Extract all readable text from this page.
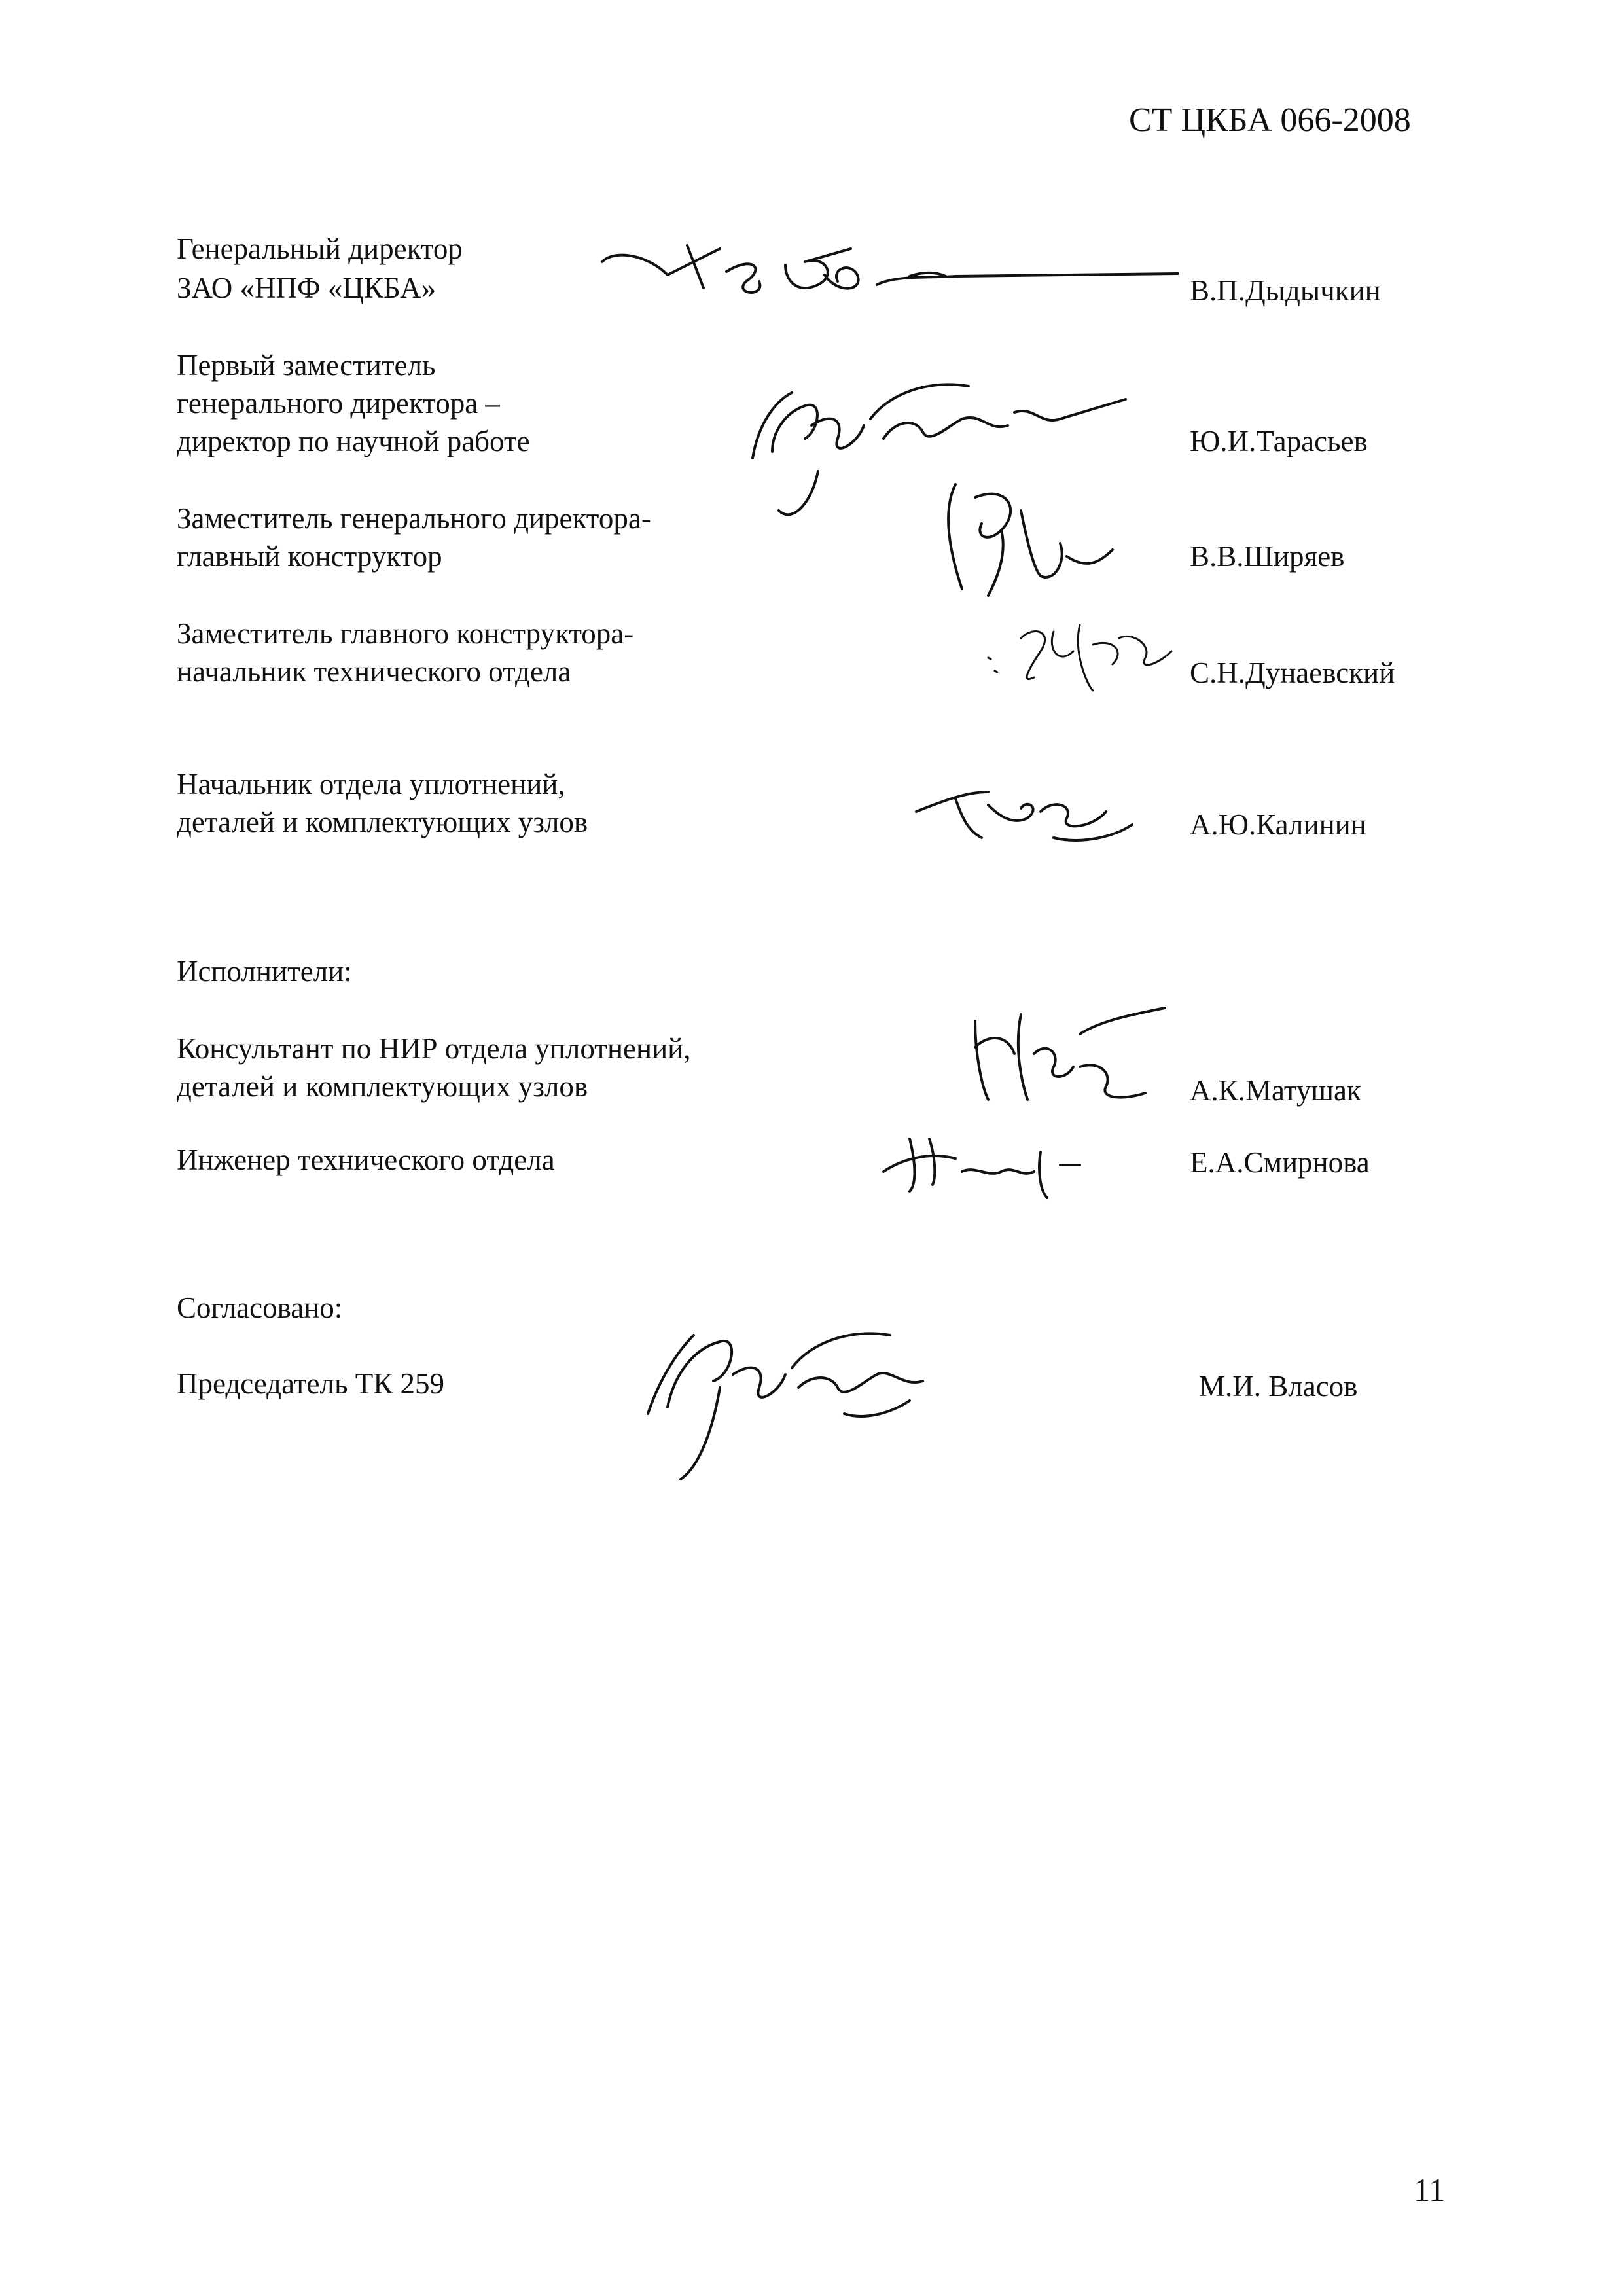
СТ ЦКБА 066-2008
Генеральный директор
ЗАО «НПФ «ЦКБА»	В.П.Дыдычкин
Первый заместитель
генерального директора –
директор по научной работе	Ю.И.Тарасьев
Заместитель генерального директора-
главный конструктор	В.В.Ширяев
Заместитель главного конструктора-
начальник технического отдела	С.Н.Дунаевский
Начальник отдела уплотнений,
деталей и комплектующих узлов	А.Ю.Калинин
Исполнители:
Консультант по НИР отдела уплотнений,
деталей и комплектующих узлов	А.К.Матушак
Инженер технического отдела	Е.А.Смирнова
Согласовано:
Председатель ТК 259	М.И. Власов
11
